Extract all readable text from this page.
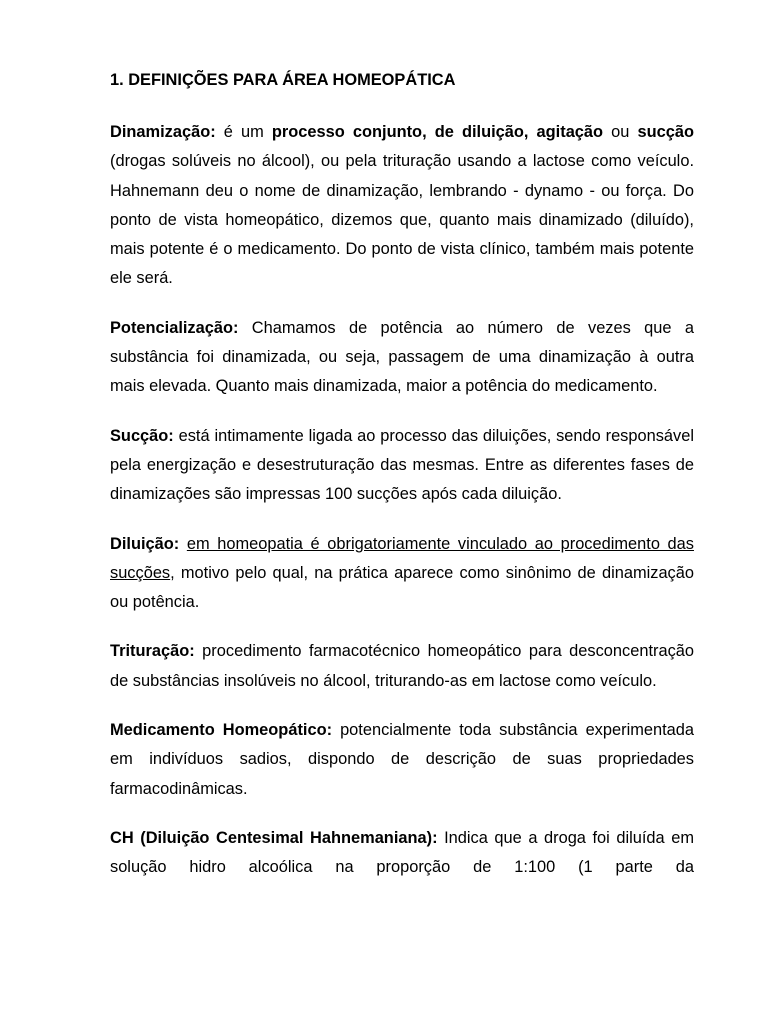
1. DEFINIÇÕES PARA ÁREA HOMEOPÁTICA

Dinamização: é um processo conjunto, de diluição, agitação ou sucção (drogas solúveis no álcool), ou pela trituração usando a lactose como veículo. Hahnemann deu o nome de dinamização, lembrando - dynamo - ou força. Do ponto de vista homeopático, dizemos que, quanto mais dinamizado (diluído), mais potente é o medicamento. Do ponto de vista clínico, também mais potente ele será.

Potencialização: Chamamos de potência ao número de vezes que a substância foi dinamizada, ou seja, passagem de uma dinamização à outra mais elevada. Quanto mais dinamizada, maior a potência do medicamento.

Sucção: está intimamente ligada ao processo das diluições, sendo responsável pela energização e desestruturação das mesmas. Entre as diferentes fases de dinamizações são impressas 100 sucções após cada diluição.

Diluição: em homeopatia é obrigatoriamente vinculado ao procedimento das sucções, motivo pelo qual, na prática aparece como sinônimo de dinamização ou potência.

Trituração: procedimento farmacotécnico homeopático para desconcentração de substâncias insolúveis no álcool, triturando-as em lactose como veículo.

Medicamento Homeopático: potencialmente toda substância experimentada em indivíduos sadios, dispondo de descrição de suas propriedades farmacodinâmicas.

CH (Diluição Centesimal Hahnemaniana): Indica que a droga foi diluída em solução hidro alcoólica na proporção de 1:100 (1 parte da
